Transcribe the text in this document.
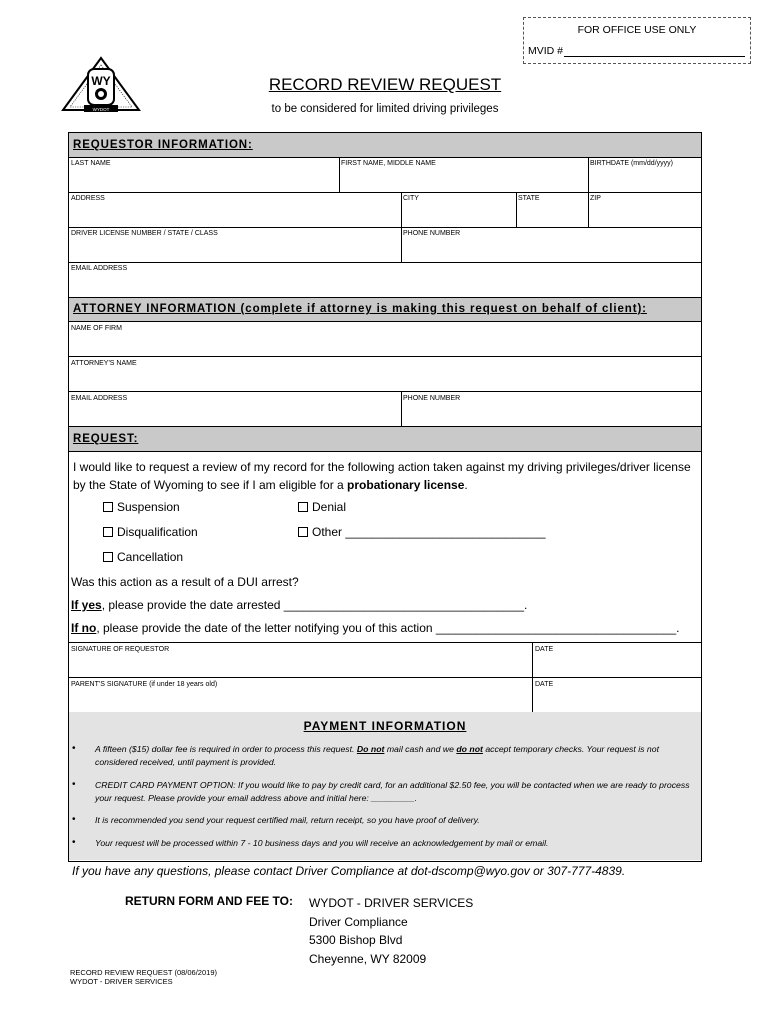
FOR OFFICE USE ONLY
MVID #
WY
WYDOT
RECORD REVIEW REQUEST
to be considered for limited driving privileges
REQUESTOR INFORMATION:
LAST NAME	FIRST NAME, MIDDLE NAME	BIRTHDATE (mm/dd/yyyy)
ADDRESS	CITY	STATE	ZIP
DRIVER LICENSE NUMBER / STATE / CLASS	PHONE NUMBER
EMAIL ADDRESS
ATTORNEY INFORMATION (complete if attorney is making this request on behalf of client):
NAME OF FIRM
ATTORNEY'S NAME
EMAIL ADDRESS	PHONE NUMBER
REQUEST:
I would like to request a review of my record for the following action taken against my driving privileges/driver license by the State of Wyoming to see if I am eligible for a probationary license.
Suspension	Denial
Disqualification	Other ______________________________
Cancellation
Was this action as a result of a DUI arrest?
If yes, please provide the date arrested ____________________________________.
If no, please provide the date of the letter notifying you of this action ____________________________________.
SIGNATURE OF REQUESTOR	DATE
PARENT'S SIGNATURE (if under 18 years old)	DATE
PAYMENT INFORMATION
• A fifteen ($15) dollar fee is required in order to process this request. Do not mail cash and we do not accept temporary checks. Your request is not considered received, until payment is provided.
• CREDIT CARD PAYMENT OPTION: If you would like to pay by credit card, for an additional $2.50 fee, you will be contacted when we are ready to process your request. Please provide your email address above and initial here: _________.
• It is recommended you send your request certified mail, return receipt, so you have proof of delivery.
• Your request will be processed within 7 - 10 business days and you will receive an acknowledgement by mail or email.
If you have any questions, please contact Driver Compliance at dot-dscomp@wyo.gov or 307-777-4839.
RETURN FORM AND FEE TO: WYDOT - DRIVER SERVICES
Driver Compliance
5300 Bishop Blvd
Cheyenne, WY 82009
RECORD REVIEW REQUEST (08/06/2019)
WYDOT - DRIVER SERVICES
